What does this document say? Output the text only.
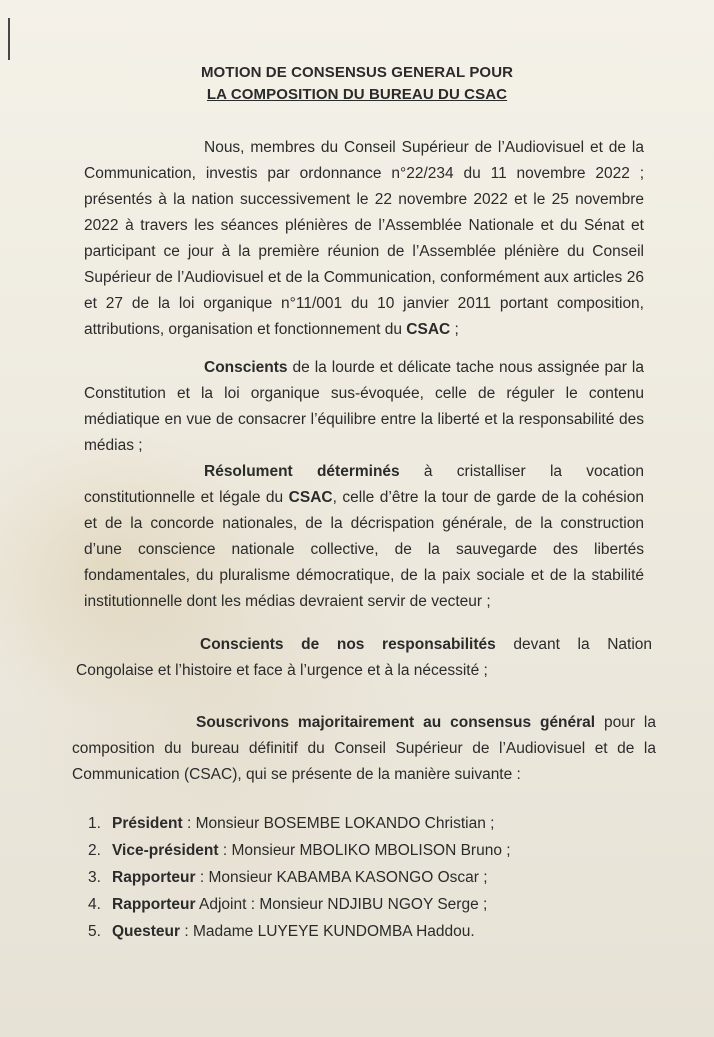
MOTION DE CONSENSUS GENERAL POUR

LA COMPOSITION DU BUREAU DU CSAC

Nous, membres du Conseil Supérieur de l’Audiovisuel et de la Communication, investis par ordonnance n°22/234 du 11 novembre 2022 ; présentés à la nation successivement le 22 novembre 2022 et le 25 novembre 2022 à travers les séances plénières de l’Assemblée Nationale et du Sénat et participant ce jour à la première réunion de l’Assemblée plénière du Conseil Supérieur de l’Audiovisuel et de la Communication, conformément aux articles 26 et 27 de la loi organique n°11/001 du 10 janvier 2011 portant composition, attributions, organisation et fonctionnement du CSAC ;

Conscients de la lourde et délicate tache nous assignée par la Constitution et la loi organique sus-évoquée, celle de réguler le contenu médiatique en vue de consacrer l’équilibre entre la liberté et la responsabilité des médias ;

Résolument déterminés à cristalliser la vocation constitutionnelle et légale du CSAC, celle d’être la tour de garde de la cohésion et de la concorde nationales, de la décrispation générale, de la construction d’une conscience nationale collective, de la sauvegarde des libertés fondamentales, du pluralisme démocratique, de la paix sociale et de la stabilité institutionnelle dont les médias devraient servir de vecteur ;

Conscients de nos responsabilités devant la Nation Congolaise et l’histoire et face à l’urgence et à la nécessité ;

Souscrivons majoritairement au consensus général pour la composition du bureau définitif du Conseil Supérieur de l’Audiovisuel et de la Communication (CSAC), qui se présente de la manière suivante :

1. Président : Monsieur BOSEMBE LOKANDO Christian ;
2. Vice-président : Monsieur MBOLIKO MBOLISON Bruno ;
3. Rapporteur : Monsieur KABAMBA KASONGO Oscar ;
4. Rapporteur Adjoint : Monsieur NDJIBU NGOY Serge ;
5. Questeur : Madame LUYEYE KUNDOMBA Haddou.
